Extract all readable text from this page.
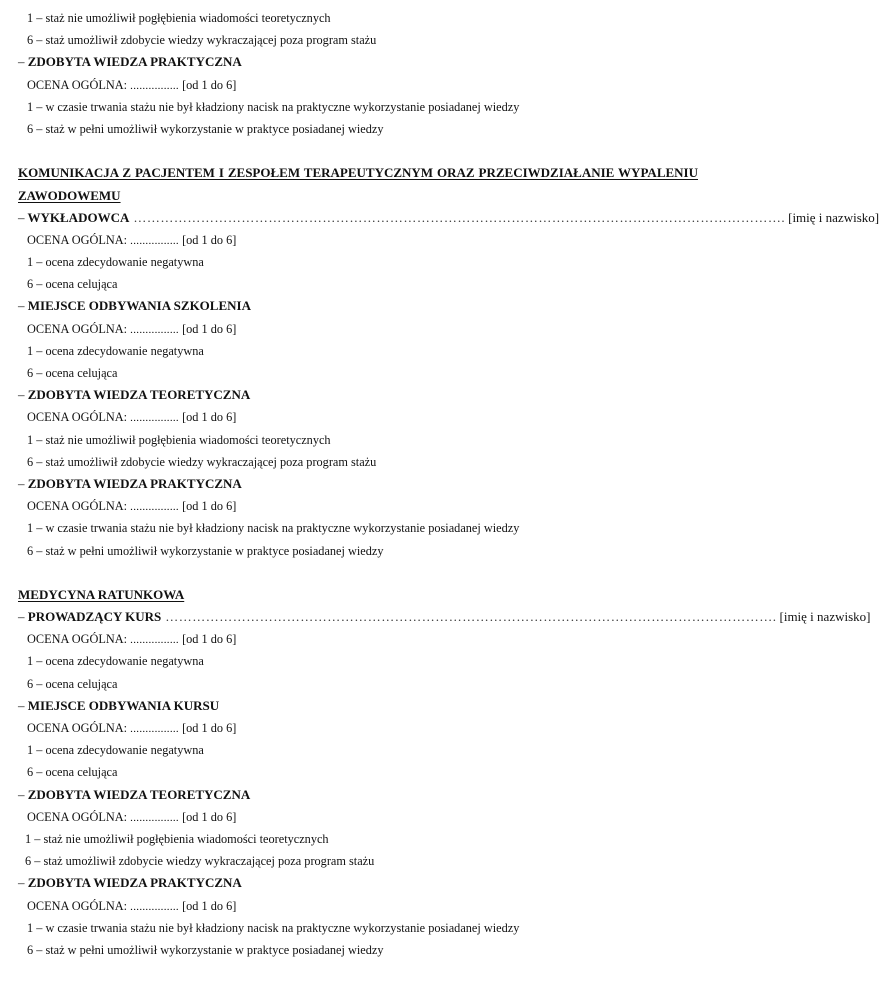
1 – staż nie umożliwił pogłębienia wiadomości teoretycznych
6 – staż umożliwił zdobycie wiedzy wykraczającej poza program stażu
– ZDOBYTA WIEDZA PRAKTYCZNA
OCENA OGÓLNA: ................ [od 1 do 6]
1 – w czasie trwania stażu nie był kładziony nacisk na praktyczne wykorzystanie posiadanej wiedzy
6 – staż w pełni umożliwił wykorzystanie w praktyce posiadanej wiedzy
KOMUNIKACJA Z PACJENTEM I ZESPOŁEM TERAPEUTYCZNYM ORAZ PRZECIWDZIAŁANIE WYPALENIU
ZAWODOWEMU
– WYKŁADOWCA ………………………………………………………………………………………………………………………………. [imię i nazwisko]
OCENA OGÓLNA: ................ [od 1 do 6]
1 – ocena zdecydowanie negatywna
6 – ocena celująca
– MIEJSCE ODBYWANIA SZKOLENIA
OCENA OGÓLNA: ................ [od 1 do 6]
1 – ocena zdecydowanie negatywna
6 – ocena celująca
– ZDOBYTA WIEDZA TEORETYCZNA
OCENA OGÓLNA: ................ [od 1 do 6]
1 – staż nie umożliwił pogłębienia wiadomości teoretycznych
6 – staż umożliwił zdobycie wiedzy wykraczającej poza program stażu
– ZDOBYTA WIEDZA PRAKTYCZNA
OCENA OGÓLNA: ................ [od 1 do 6]
1 – w czasie trwania stażu nie był kładziony nacisk na praktyczne wykorzystanie posiadanej wiedzy
6 – staż w pełni umożliwił wykorzystanie w praktyce posiadanej wiedzy
MEDYCYNA RATUNKOWA
– PROWADZĄCY KURS ………………………………………………………………………………………………………………………. [imię i nazwisko]
OCENA OGÓLNA: ................ [od 1 do 6]
1 – ocena zdecydowanie negatywna
6 – ocena celująca
– MIEJSCE ODBYWANIA KURSU
OCENA OGÓLNA: ................ [od 1 do 6]
1 – ocena zdecydowanie negatywna
6 – ocena celująca
– ZDOBYTA WIEDZA TEORETYCZNA
OCENA OGÓLNA: ................ [od 1 do 6]
1 – staż nie umożliwił pogłębienia wiadomości teoretycznych
6 – staż umożliwił zdobycie wiedzy wykraczającej poza program stażu
– ZDOBYTA WIEDZA PRAKTYCZNA
OCENA OGÓLNA: ................ [od 1 do 6]
1 – w czasie trwania stażu nie był kładziony nacisk na praktyczne wykorzystanie posiadanej wiedzy
6 – staż w pełni umożliwił wykorzystanie w praktyce posiadanej wiedzy
